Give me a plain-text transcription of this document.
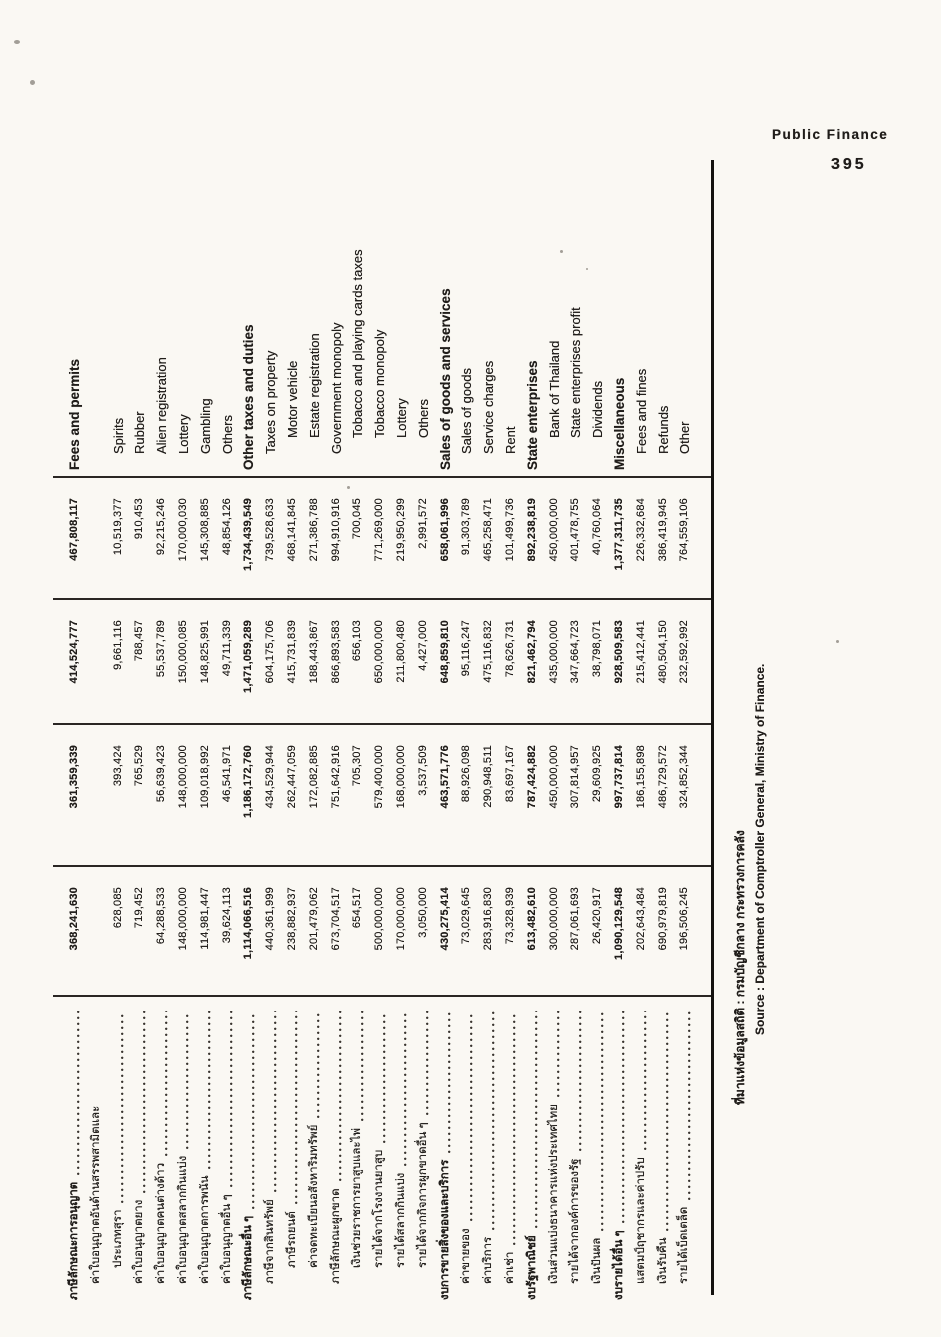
Public Finance
395
ภาษีลักษณะการอนุญาต
368,241,630
361,359,339
414,524,777
467,808,117
Fees and permits
ค่าใบอนุญาตอันด้านสรรพสามิตและ ประเภทสุรา
628,085
393,424
9,661,116
10,519,377
Spirits
ค่าใบอนุญาตยาง
719,452
765,529
788,457
910,453
Rubber
ค่าใบอนุญาตคนต่างด้าว
64,288,533
56,639,423
55,537,789
92,215,246
Alien registration
ค่าใบอนุญาตสลากกินแบ่ง
148,000,000
148,000,000
150,000,085
170,000,030
Lottery
ค่าใบอนุญาตการพนัน
114,981,447
109,018,992
148,825,991
145,308,885
Gambling
ค่าใบอนุญาตอื่น ๆ
39,624,113
46,541,971
49,711,339
48,854,126
Others
ภาษีลักษณะอื่น ๆ
1,114,066,516
1,186,172,760
1,471,059,289
1,734,439,549
Other taxes and duties
ภาษีจากสินทรัพย์
440,361,999
434,529,944
604,175,706
739,528,633
Taxes on property
ภาษีรถยนต์
238,882,937
262,447,059
415,731,839
468,141,845
Motor vehicle
ค่าจดทะเบียนอสังหาริมทรัพย์
201,479,062
172,082,885
188,443,867
271,386,788
Estate registration
ภาษีลักษณะผูกขาด
673,704,517
751,642,916
866,893,583
994,910,916
Government monopoly
เงินช่วยราชการยาสูบและไพ่
654,517
705,307
656,103
700,045
Tobacco and playing cards taxes
รายได้จากโรงงานยาสูบ
500,000,000
579,400,000
650,000,000
771,269,000
Tobacco monopoly
รายได้สลากกินแบ่ง
170,000,000
168,000,000
211,800,480
219,950,299
Lottery
รายได้จากกิจการผูกขาดอื่น ๆ
3,050,000
3,537,509
4,427,000
2,991,572
Others
งบการขายสิ่งของและบริการ
430,275,414
463,571,776
648,859,810
658,061,996
Sales of goods and services
ค่าขายของ
73,029,645
88,926,098
95,116,247
91,303,789
Sales of goods
ค่าบริการ
283,916,830
290,948,511
475,116,832
465,258,471
Service charges
ค่าเช่า
73,328,939
83,697,167
78,626,731
101,499,736
Rent
งบรัฐพาณิชย์
613,482,610
787,424,882
821,462,794
892,238,819
State enterprises
เงินส่วนแบ่งธนาคารแห่งประเทศไทย
300,000,000
450,000,000
435,000,000
450,000,000
Bank of Thailand
รายได้จากองค์การของรัฐ
287,061,693
307,814,957
347,664,723
401,478,755
State enterprises profit
เงินปันผล
26,420,917
29,609,925
38,798,071
40,760,064
Dividends
งบรายได้อื่น ๆ
1,090,129,548
997,737,814
928,509,583
1,377,311,735
Miscellaneous
แสตมป์ฤชากรและค่าปรับ
202,643,484
186,155,898
215,412,441
226,332,684
Fees and fines
เงินรับคืน
690,979,819
486,729,572
480,504,150
386,419,945
Refunds
รายได้เบ็ดเตล็ด
196,506,245
324,852,344
232,592,992
764,559,106
Other
ที่มาแห่งข้อมูลสถิติ : กรมบัญชีกลาง กระทรวงการคลัง Source : Department of Comptroller General, Ministry of Finance.
